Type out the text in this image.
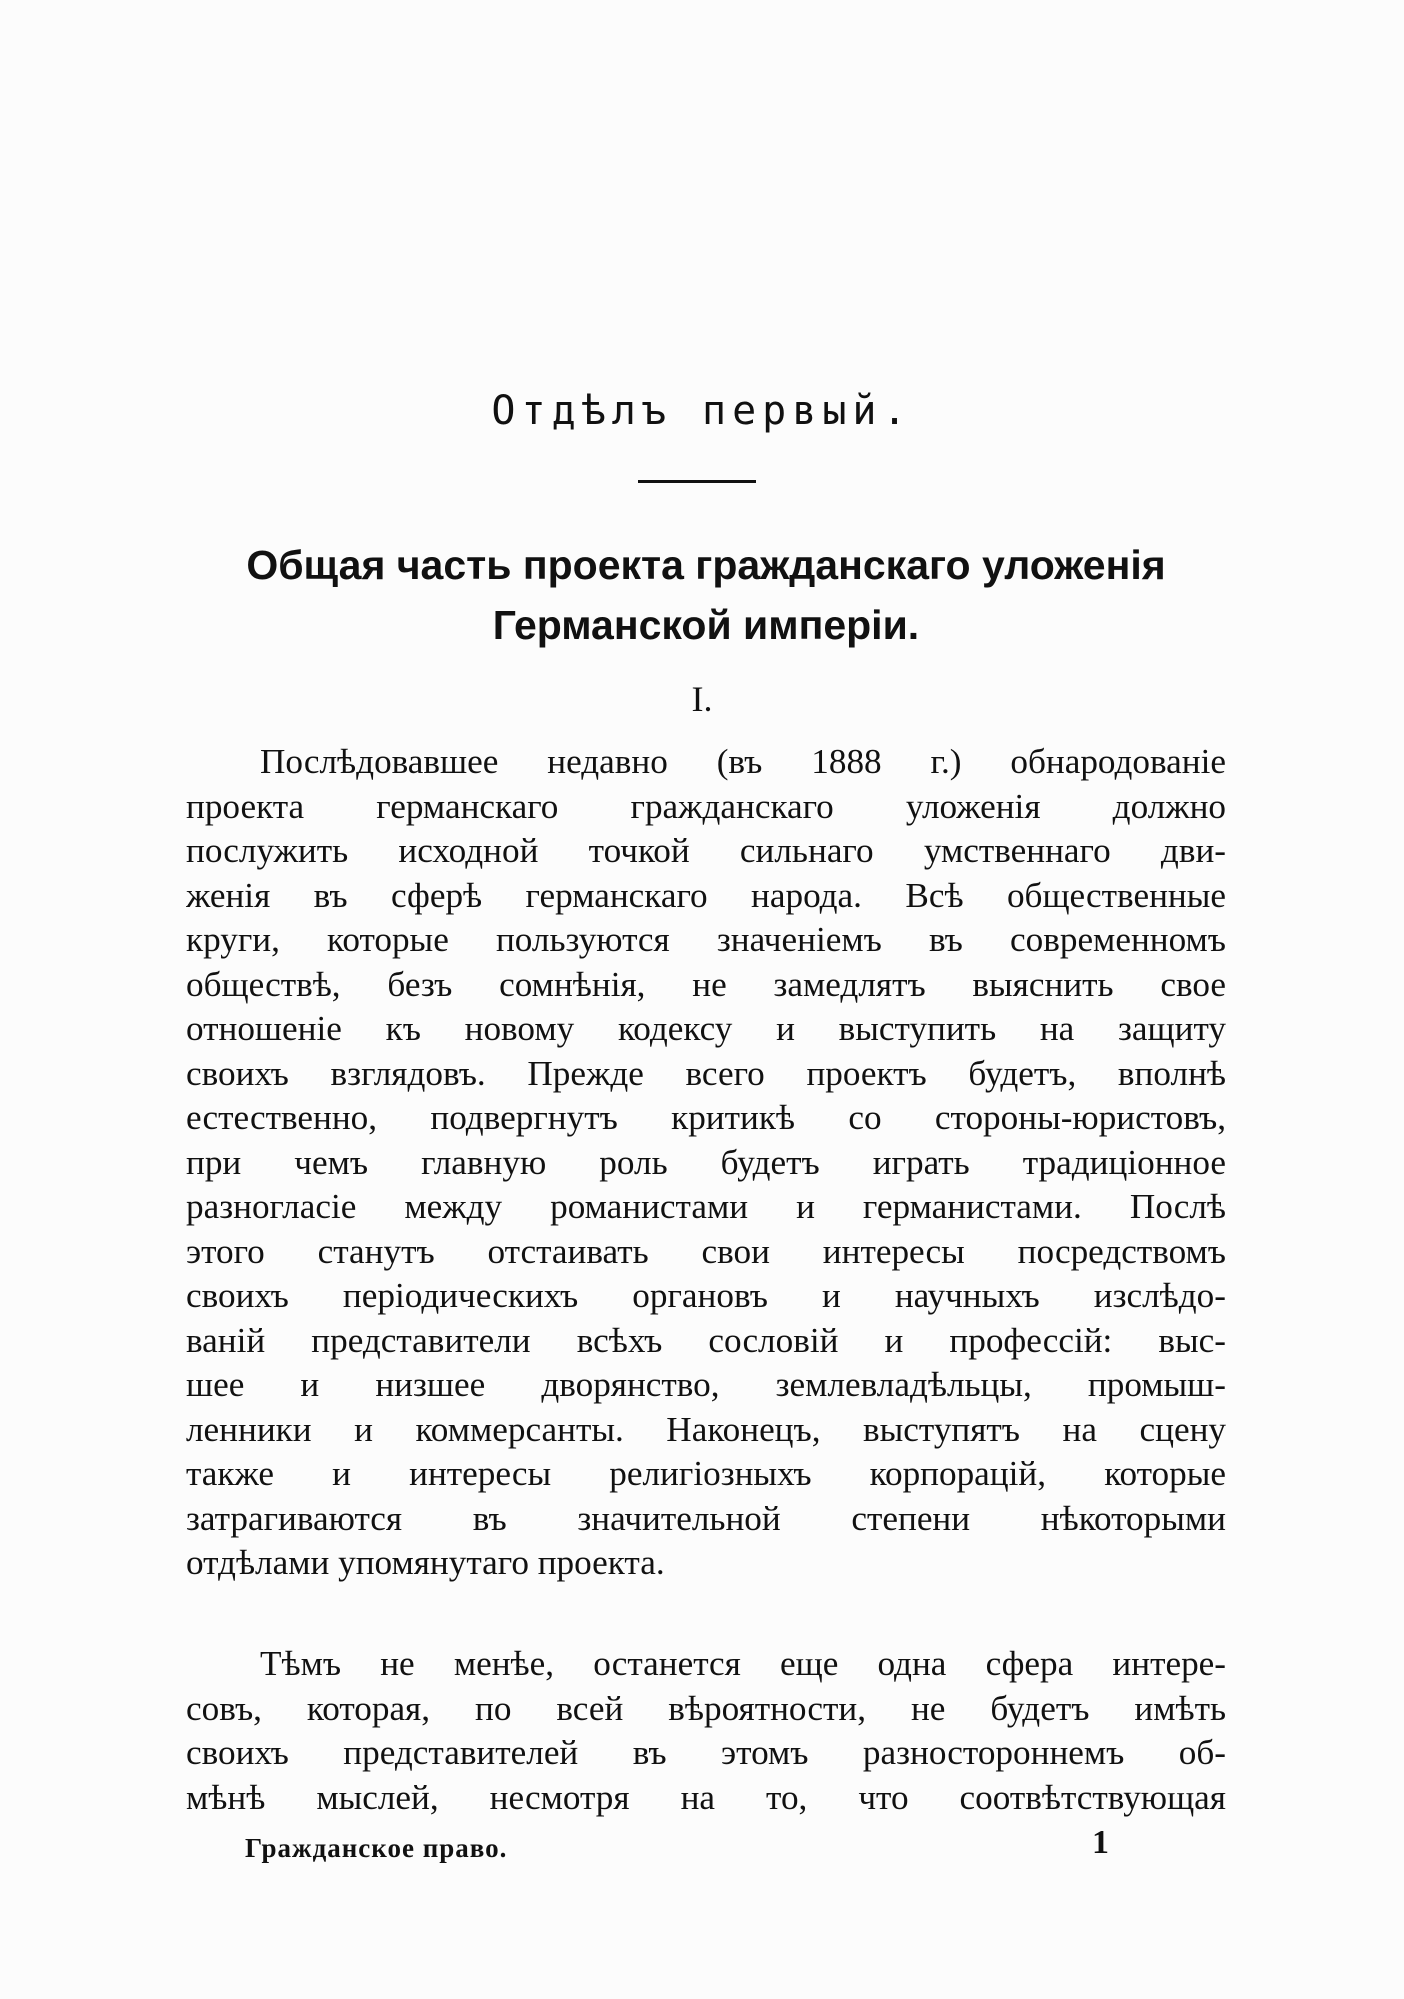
Отдѣлъ первый.
Общая часть проекта гражданскаго уложенія
Германской имперіи.
I.
Послѣдовавшее недавно (въ 1888 г.) обнародованіе
проекта германскаго гражданскаго уложенія должно
послужить исходной точкой сильнаго умственнаго дви-
женія въ сферѣ германскаго народа. Всѣ общественные
круги, которые пользуются значеніемъ въ современномъ
обществѣ, безъ сомнѣнія, не замедлятъ выяснить свое
отношеніе къ новому кодексу и выступить на защиту
своихъ взглядовъ. Прежде всего проектъ будетъ, вполнѣ
естественно, подвергнутъ критикѣ со стороны-юристовъ,
при чемъ главную роль будетъ играть традиціонное
разногласіе между романистами и германистами. Послѣ
этого станутъ отстаивать свои интересы посредствомъ
своихъ періодическихъ органовъ и научныхъ изслѣдо-
ваній представители всѣхъ сословій и профессій: выс-
шее и низшее дворянство, землевладѣльцы, промыш-
ленники и коммерсанты. Наконецъ, выступятъ на сцену
также и интересы религіозныхъ корпорацій, которые
затрагиваются въ значительной степени нѣкоторыми
отдѣлами упомянутаго проекта.
Тѣмъ не менѣе, останется еще одна сфера интере-
совъ, которая, по всей вѣроятности, не будетъ имѣть
своихъ представителей въ этомъ разностороннемъ об-
мѣнѣ мыслей, несмотря на то, что соотвѣтствующая
Гражданское право.	1
